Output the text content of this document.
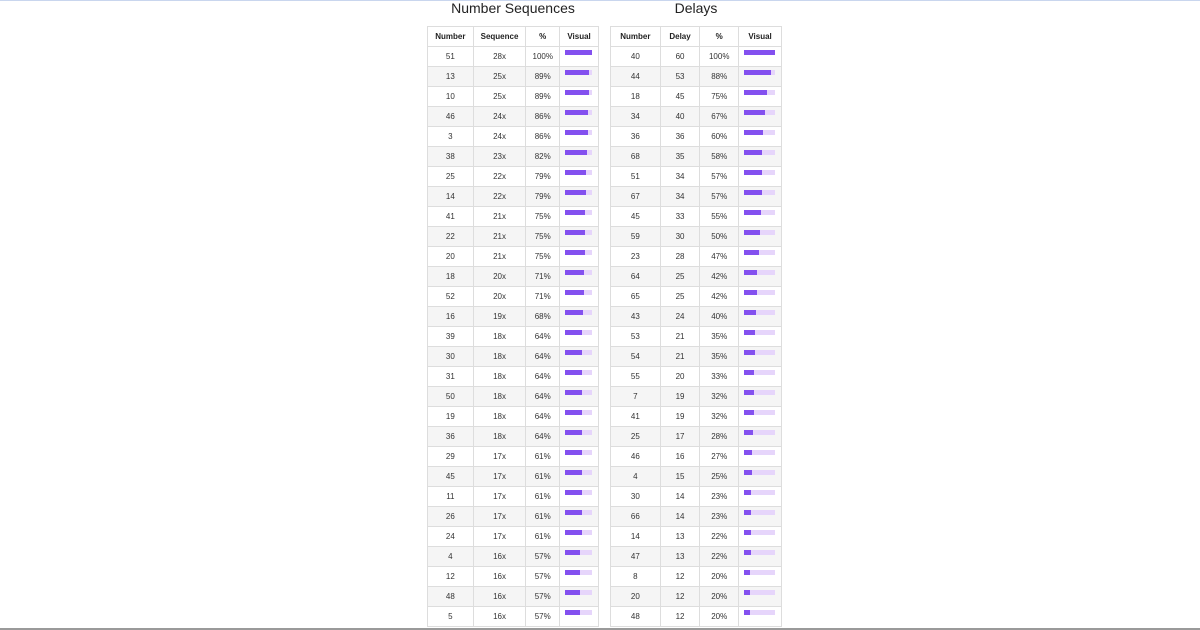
Number Sequences
Number	Sequence	%	Visual
51	28x	100%	

13	25x	89%	

10	25x	89%	

46	24x	86%	

3	24x	86%	

38	23x	82%	

25	22x	79%	

14	22x	79%	

41	21x	75%	

22	21x	75%	

20	21x	75%	

18	20x	71%	

52	20x	71%	

16	19x	68%	

39	18x	64%	

30	18x	64%	

31	18x	64%	

50	18x	64%	

19	18x	64%	

36	18x	64%	

29	17x	61%	

45	17x	61%	

11	17x	61%	

26	17x	61%	

24	17x	61%	

4	16x	57%	

12	16x	57%	

48	16x	57%	

5	16x	57%	
Delays
Number	Delay	%	Visual
40	60	100%	

44	53	88%	

18	45	75%	

34	40	67%	

36	36	60%	

68	35	58%	

51	34	57%	

67	34	57%	

45	33	55%	

59	30	50%	

23	28	47%	

64	25	42%	

65	25	42%	

43	24	40%	

53	21	35%	

54	21	35%	

55	20	33%	

7	19	32%	

41	19	32%	

25	17	28%	

46	16	27%	

4	15	25%	

30	14	23%	

66	14	23%	

14	13	22%	

47	13	22%	

8	12	20%	

20	12	20%	

48	12	20%	
